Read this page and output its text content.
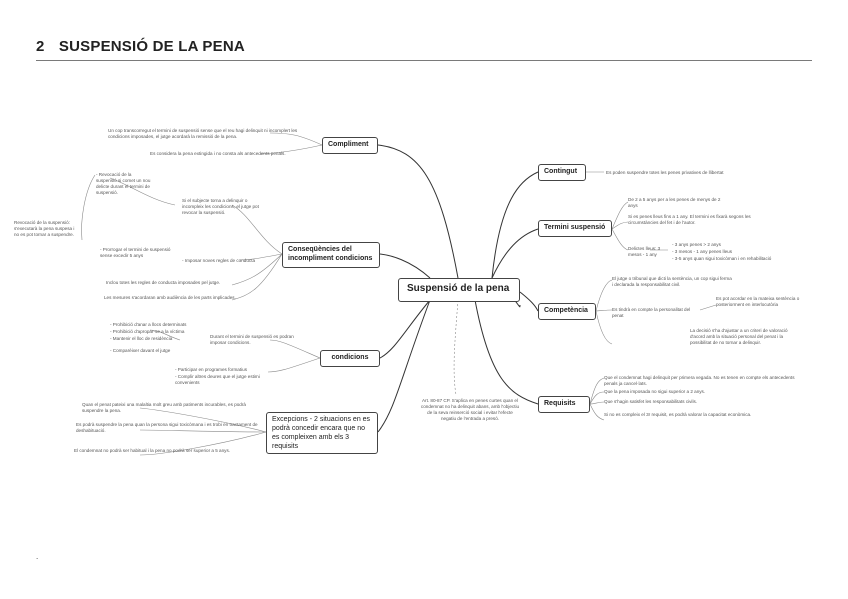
2 SUSPENSIÓ DE LA PENA
Suspensió de la pena
Compliment
Conseqüències del incompliment condicions
condicions
Excepcions - 2 situacions en es podrà concedir encara que no es compleixen amb els 3 requisits
Contingut
Termini suspensió
Competència
Requisits
Un cop transcorregut el termini de suspensió sense que el reu hagi delinquit ni incomplert les condicions imposades, el jutge acordarà la remissió de la pena.
Es considera la pena extingida i no consta als antecedents penals.
Revocació de la suspensió: s'executarà la pena suspesa i no es pot tornar a suspendre.
- Revocació de la suspensió si comet un nou delicte durant el termini de suspensió.
Si el subjecte torna a delinquir o incompleix les condicions, el jutge pot revocar la suspensió.
- Prorrogar el termini de suspensió sense excedir 5 anys
- Imposar noves regles de conducta
Inclou totes les regles de conducta imposades pel jutge.
Les mesures s'acordaran amb audiència de les parts implicades.
- Prohibició d'anar a llocs determinats
- Prohibició d'apropar-se a la víctima
- Mantenir el lloc de residència
- Comparèixer davant el jutge
Durant el termini de suspensió es podran imposar condicions.
- Participar en programes formatius
- Complir altres deures que el jutge estimi convenients
Quan el penat pateixi una malaltia molt greu amb patiments incurables, es podrà suspendre la pena.
Es podrà suspendre la pena quan la persona sigui toxicòmana i es trobi en tractament de deshabituació.
El condemnat no podrà ser habitual i la pena no podrà ser superior a 5 anys.
Art. 80-87 CP. S'aplica en penes curtes quan el condemnat no ha delinquit abans, amb l'objectiu de la seva reinserció social i evitar l'efecte negatiu de l'entrada a presó.
Es poden suspendre totes les penes privatives de llibertat
De 2 a 5 anys per a les penes de menys de 2 anys
Si es penes lleus fins a 1 any. El termini es fixarà segons les circumstàncies del fet i de l'autor.
Delictes lleus: 3 mesos - 1 any
- 3 anys penes > 2 anys
- 3 mesos - 1 any penes lleus
- 3-5 anys quan sigui toxicòman i en rehabilitació
El jutge o tribunal que dicti la sentència, un cop sigui ferma i declarada la responsabilitat civil.
Es tindrà en compte la personalitat del penat
Es pot acordar en la mateixa sentència o posteriorment en interlocutòria
La decisió s'ha d'ajustar a un criteri de valoració d'acord amb la situació personal del penat i la possibilitat de no tornar a delinquir.
Que el condemnat hagi delinquit per primera vegada. No es tenen en compte els antecedents penals ja cancel·lats.
Que la pena imposada no sigui superior a 2 anys.
Que s'hagin satisfet les responsabilitats civils.
Si no es compleix el 3r requisit, es podrà valorar la capacitat econòmica.
.
